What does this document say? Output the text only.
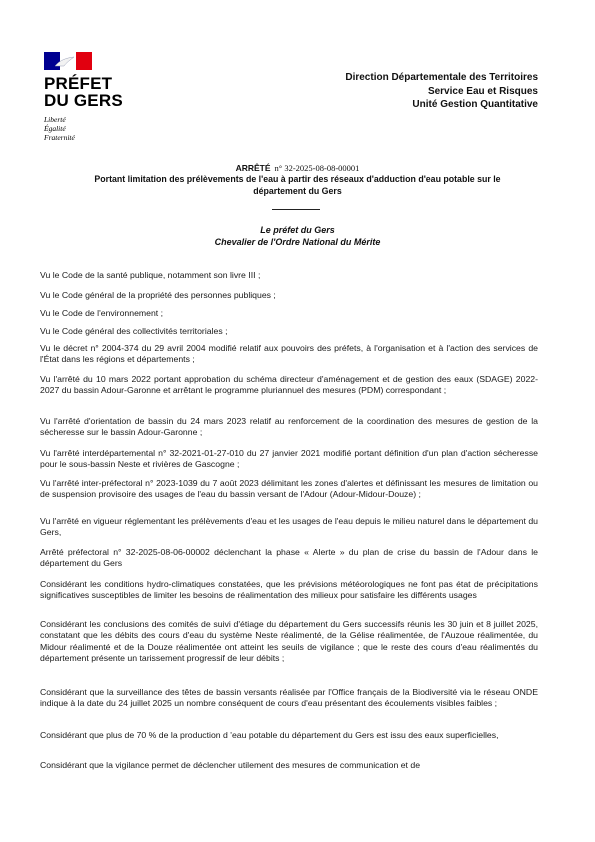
PRÉFET
DU GERS
Liberté
Égalité
Fraternité
Direction Départementale des Territoires
Service Eau et Risques
Unité Gestion Quantitative
ARRÊTÉ n° 32-2025-08-08-00001
Portant limitation des prélèvements de l'eau à partir des réseaux d'adduction d'eau potable sur le département du Gers
Le préfet du Gers
Chevalier de l'Ordre National du Mérite

Vu le Code de la santé publique, notamment son livre III ;

Vu le Code général de la propriété des personnes publiques ;

Vu le Code de l'environnement ;

Vu le Code général des collectivités territoriales ;

Vu le décret n° 2004-374 du 29 avril 2004 modifié relatif aux pouvoirs des préfets, à l'organisation et à l'action des services de l'État dans les régions et départements ;

Vu l'arrêté du 10 mars 2022 portant approbation du schéma directeur d'aménagement et de gestion des eaux (SDAGE) 2022-2027 du bassin Adour-Garonne et arrêtant le programme pluriannuel des mesures (PDM) correspondant ;

Vu l'arrêté d'orientation de bassin du 24 mars 2023 relatif au renforcement de la coordination des mesures de gestion de la sécheresse sur le bassin Adour-Garonne ;

Vu l'arrêté interdépartemental n° 32-2021-01-27-010 du 27 janvier 2021 modifié portant définition d'un plan d'action sécheresse pour le sous-bassin Neste et rivières de Gascogne ;

Vu l'arrêté inter-préfectoral n° 2023-1039 du 7 août 2023 délimitant les zones d'alertes et définissant les mesures de limitation ou de suspension provisoire des usages de l'eau du bassin versant de l'Adour (Adour-Midour-Douze) ;

Vu l'arrêté en vigueur réglementant les prélèvements d'eau et les usages de l'eau depuis le milieu naturel dans le département du Gers,

Arrêté préfectoral n° 32-2025-08-06-00002 déclenchant la phase « Alerte » du plan de crise du bassin de l'Adour dans le département du Gers

Considérant les conditions hydro-climatiques constatées, que les prévisions météorologiques ne font pas état de précipitations significatives susceptibles de limiter les besoins de réalimentation des milieux pour satisfaire les différents usages

Considérant les conclusions des comités de suivi d'étiage du département du Gers successifs réunis les 30 juin et 8 juillet 2025, constatant que les débits des cours d'eau du système Neste réalimenté, de la Gélise réalimentée, de l'Auzoue réalimentée, du Midour réalimenté et de la Douze réalimentée ont atteint les seuils de vigilance ; que le reste des cours d'eau réalimentés du département présente un tarissement progressif de leur débits ;

Considérant que la surveillance des têtes de bassin versants réalisée par l'Office français de la Biodiversité via le réseau ONDE indique à la date du 24 juillet 2025 un nombre conséquent de cours d'eau présentant des écoulements visibles faibles ;

Considérant que plus de 70 % de la production d 'eau potable du département du Gers est issu des eaux superficielles,

Considérant que la vigilance permet de déclencher utilement des mesures de communication et de
